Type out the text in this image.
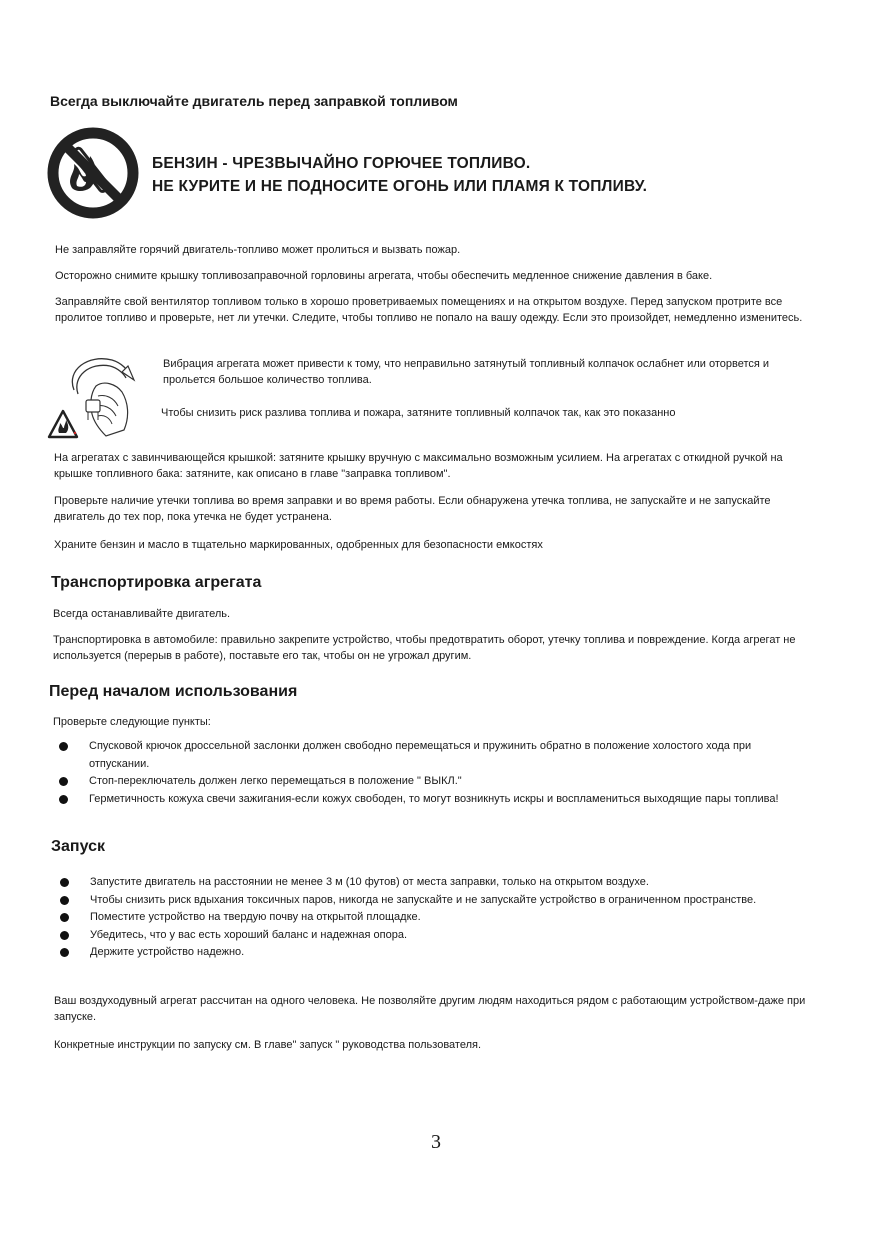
Всегда выключайте двигатель перед заправкой топливом
БЕНЗИН - ЧРЕЗВЫЧАЙНО ГОРЮЧЕЕ ТОПЛИВО.
НЕ КУРИТЕ И НЕ ПОДНОСИТЕ ОГОНЬ ИЛИ ПЛАМЯ К ТОПЛИВУ.

Не заправляйте горячий двигатель-топливо может пролиться и вызвать пожар.

Осторожно снимите крышку топливозаправочной горловины агрегата, чтобы обеспечить медленное снижение давления в баке.

Заправляйте свой вентилятор топливом только в хорошо проветриваемых помещениях и на открытом воздухе. Перед запуском протрите все пролитое топливо и проверьте, нет ли утечки. Следите, чтобы топливо не попало на вашу одежду. Если это произойдет, немедленно изменитесь.

Вибрация агрегата может привести к тому, что неправильно затянутый топливный колпачок ослабнет или оторвется и прольется большое количество топлива.

Чтобы снизить риск разлива топлива и пожара, затяните топливный колпачок так, как это показанно

На агрегатах с завинчивающейся крышкой: затяните крышку вручную с максимально возможным усилием. На агрегатах с откидной ручкой на крышке топливного бака: затяните, как описано в главе "заправка топливом".

Проверьте наличие утечки топлива во время заправки и во время работы. Если обнаружена утечка топлива, не запускайте и не запускайте двигатель до тех пор, пока утечка не будет устранена.

Храните бензин и масло в тщательно маркированных, одобренных для безопасности емкостях

Транспортировка агрегата

Всегда останавливайте двигатель.

Транспортировка в автомобиле: правильно закрепите устройство, чтобы предотвратить оборот, утечку топлива и повреждение. Когда агрегат не используется (перерыв в работе), поставьте его так, чтобы он не угрожал другим.

Перед началом использования

Проверьте следующие пункты:

Спусковой крючок дроссельной заслонки должен свободно перемещаться и пружинить обратно в положение холостого хода при отпускании.
Стоп-переключатель должен легко перемещаться в положение " ВЫКЛ."
Герметичность кожуха свечи зажигания-если кожух свободен, то могут возникнуть искры и воспламениться выходящие пары топлива!
Запуск
Запустите двигатель на расстоянии не менее 3 м (10 футов) от места заправки, только на открытом воздухе.
Чтобы снизить риск вдыхания токсичных паров, никогда не запускайте и не запускайте устройство в ограниченном пространстве.
Поместите устройство на твердую почву на открытой площадке.
Убедитесь, что у вас есть хороший баланс и надежная опора.
Держите устройство надежно.

Ваш воздуходувный агрегат рассчитан на одного человека. Не позволяйте другим людям находиться рядом с работающим устройством-даже при запуске.

Конкретные инструкции по запуску см. В главе" запуск " руководства пользователя.

3
